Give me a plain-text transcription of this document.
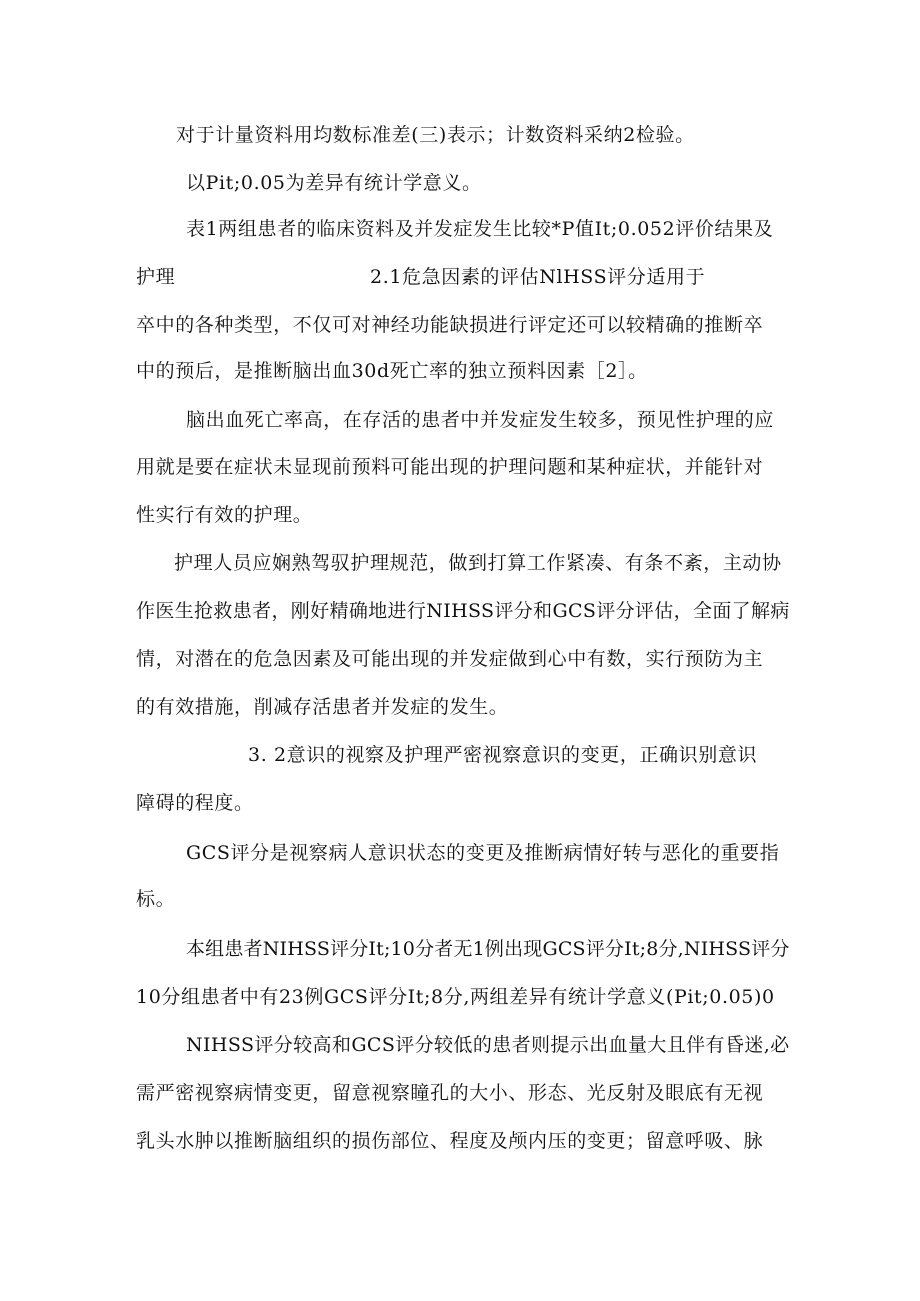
对于计量资料用均数标准差(三)表示；计数资料采纳2检验。
以Pit;0.05为差异有统计学意义。
表1两组患者的临床资料及并发症发生比较*P值It;0.052评价结果及
护理	2.1危急因素的评估NlHSS评分适用于
卒中的各种类型，不仅可对神经功能缺损进行评定还可以较精确的推断卒
中的预后，是推断脑出血30d死亡率的独立预料因素［2］。
脑出血死亡率高，在存活的患者中并发症发生较多，预见性护理的应
用就是要在症状未显现前预料可能出现的护理问题和某种症状，并能针对
性实行有效的护理。
护理人员应娴熟驾驭护理规范，做到打算工作紧凑、有条不紊，主动协
作医生抢救患者，刚好精确地进行NIHSS评分和GCS评分评估，全面了解病
情，对潜在的危急因素及可能出现的并发症做到心中有数，实行预防为主
的有效措施，削减存活患者并发症的发生。
3. 2意识的视察及护理严密视察意识的变更，正确识别意识
障碍的程度。
GCS评分是视察病人意识状态的变更及推断病情好转与恶化的重要指
标。
本组患者NIHSS评分It;10分者无1例出现GCS评分It;8分,NIHSS评分
10分组患者中有23例GCS评分It;8分,两组差异有统计学意义(Pit;0.05)0
NIHSS评分较高和GCS评分较低的患者则提示出血量大且伴有昏迷,必
需严密视察病情变更，留意视察瞳孔的大小、形态、光反射及眼底有无视
乳头水肿以推断脑组织的损伤部位、程度及颅内压的变更；留意呼吸、脉
